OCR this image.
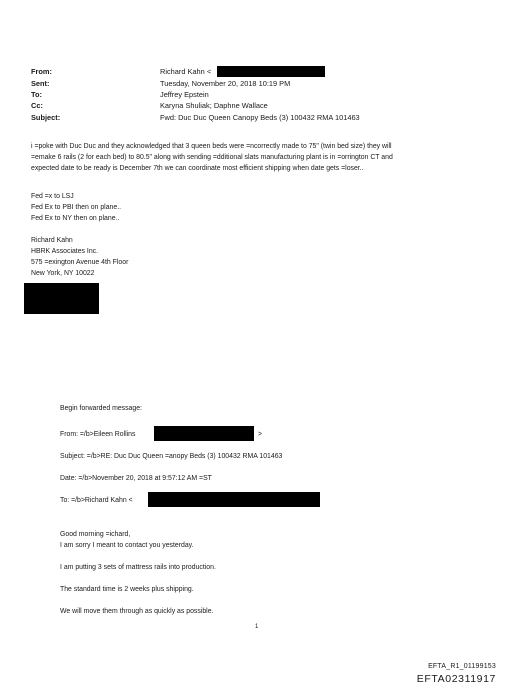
From:	Richard Kahn <
Sent:	Tuesday, November 20, 2018 10:19 PM
To:	Jeffrey Epstein
Cc:	Karyna Shuliak; Daphne Wallace
Subject:	Fwd: Duc Duc Queen Canopy Beds (3) 100432 RMA 101463
i =poke with Duc Duc and they acknowledged that 3 queen beds were =ncorrectly made to 75" (twin bed size) they will
=emake 6 rails (2 for each bed) to 80.5" along with sending =dditional slats manufacturing plant is in =orrington CT and
expected date to be ready is December 7th we can coordinate most efficient shipping when date gets =loser..
Fed =x to LSJ
Fed Ex to PBI then on plane..
Fed Ex to NY then on plane..
Richard Kahn
HBRK Associates Inc.
575 =exington Avenue 4th Floor
New York, NY 10022
Begin forwarded message:
From: =/b>Eileen Rollins	>
Subject: =/b>RE: Duc Duc Queen =anopy Beds (3) 100432 RMA 101463
Date: =/b>November 20, 2018 at 9:57:12 AM =ST
To: =/b>Richard Kahn <
Good morning =ichard,
I am sorry I meant to contact you yesterday.
I am putting 3 sets of mattress rails into production.
The standard time is 2 weeks plus shipping.
We will move them through as quickly as possible.
1
EFTA_R1_01199153
EFTA02311917
